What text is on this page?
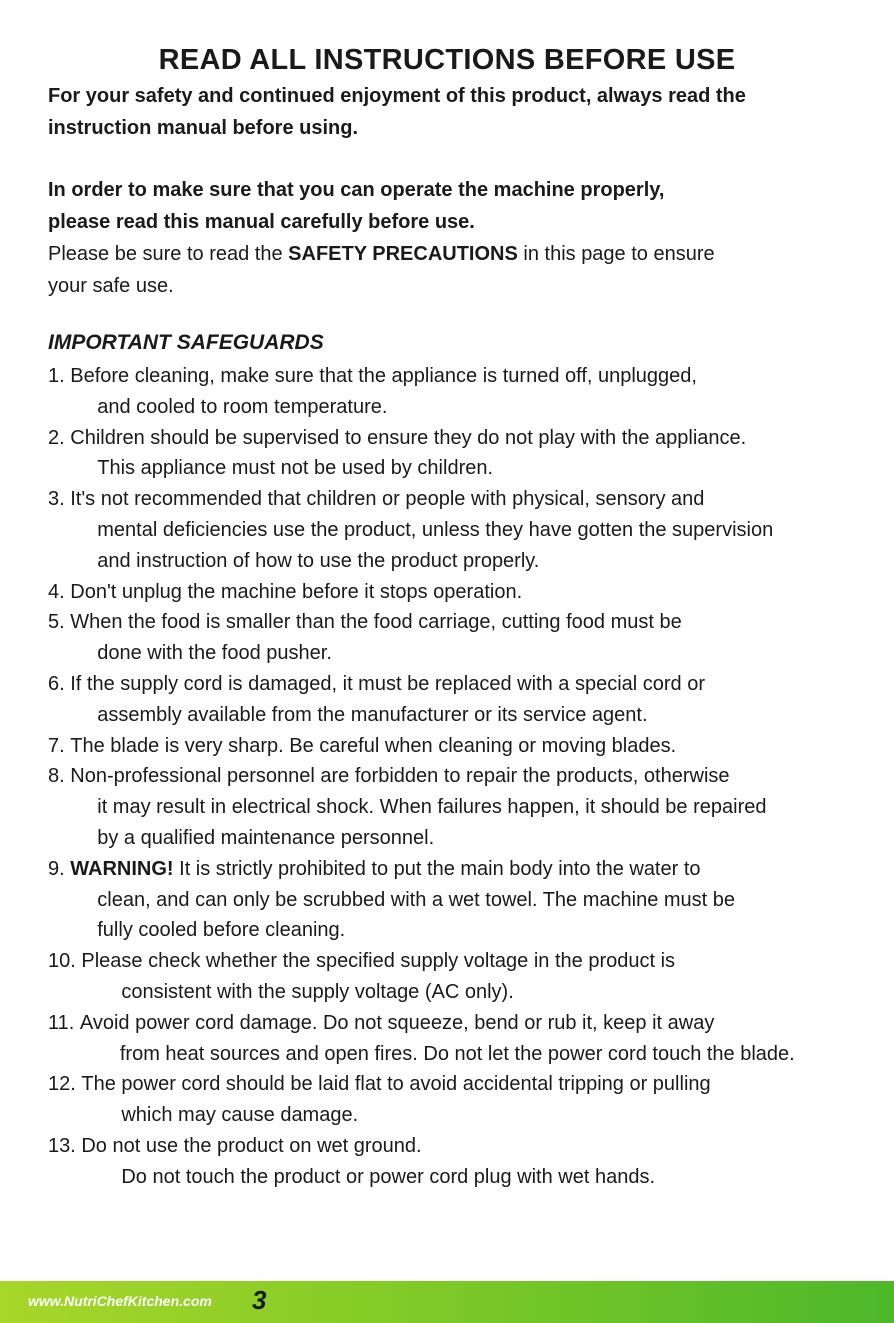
READ ALL INSTRUCTIONS BEFORE USE
For your safety and continued enjoyment of this product, always read the
instruction manual before using.
In order to make sure that you can operate the machine properly,
please read this manual carefully before use.
Please be sure to read the SAFETY PRECAUTIONS in this page to ensure
your safe use.
IMPORTANT SAFEGUARDS
1. Before cleaning, make sure that the appliance is turned off, unplugged,
and cooled to room temperature.
2. Children should be supervised to ensure they do not play with the appliance.
This appliance must not be used by children.
3. It's not recommended that children or people with physical, sensory and
mental deficiencies use the product, unless they have gotten the supervision
and instruction of how to use the product properly.
4. Don't unplug the machine before it stops operation.
5. When the food is smaller than the food carriage, cutting food must be
done with the food pusher.
6. If the supply cord is damaged, it must be replaced with a special cord or
assembly available from the manufacturer or its service agent.
7. The blade is very sharp. Be careful when cleaning or moving blades.
8. Non-professional personnel are forbidden to repair the products, otherwise
it may result in electrical shock. When failures happen, it should be repaired
by a qualified maintenance personnel.
9. WARNING! It is strictly prohibited to put the main body into the water to
clean, and can only be scrubbed with a wet towel. The machine must be
fully cooled before cleaning.
10. Please check whether the specified supply voltage in the product is
consistent with the supply voltage (AC only).
11. Avoid power cord damage. Do not squeeze, bend or rub it, keep it away
from heat sources and open fires. Do not let the power cord touch the blade.
12. The power cord should be laid flat to avoid accidental tripping or pulling
which may cause damage.
13. Do not use the product on wet ground.
Do not touch the product or power cord plug with wet hands.
www.NutriChefKitchen.com 3
